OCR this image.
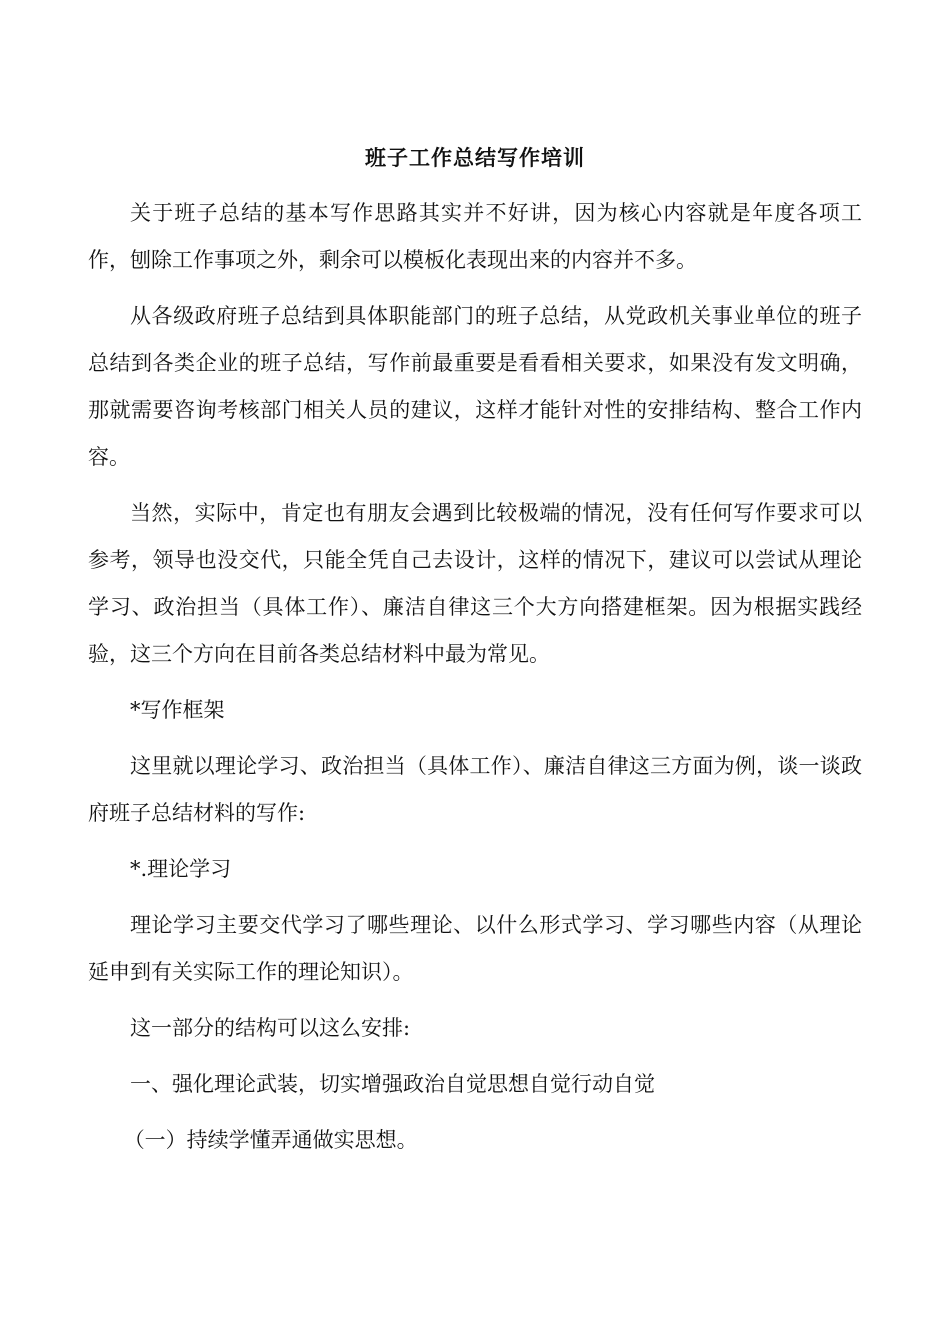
班子工作总结写作培训

关于班子总结的基本写作思路其实并不好讲，因为核心内容就是年度各项工作，刨除工作事项之外，剩余可以模板化表现出来的内容并不多。

从各级政府班子总结到具体职能部门的班子总结，从党政机关事业单位的班子总结到各类企业的班子总结，写作前最重要是看看相关要求，如果没有发文明确，那就需要咨询考核部门相关人员的建议，这样才能针对性的安排结构、整合工作内容。

当然，实际中，肯定也有朋友会遇到比较极端的情况，没有任何写作要求可以参考，领导也没交代，只能全凭自己去设计，这样的情况下，建议可以尝试从理论学习、政治担当（具体工作）、廉洁自律这三个大方向搭建框架。因为根据实践经验，这三个方向在目前各类总结材料中最为常见。

*写作框架

这里就以理论学习、政治担当（具体工作）、廉洁自律这三方面为例，谈一谈政府班子总结材料的写作:

*.理论学习

理论学习主要交代学习了哪些理论、以什么形式学习、学习哪些内容（从理论延申到有关实际工作的理论知识）。

这一部分的结构可以这么安排:

一、强化理论武装，切实增强政治自觉思想自觉行动自觉

（一）持续学懂弄通做实思想。
